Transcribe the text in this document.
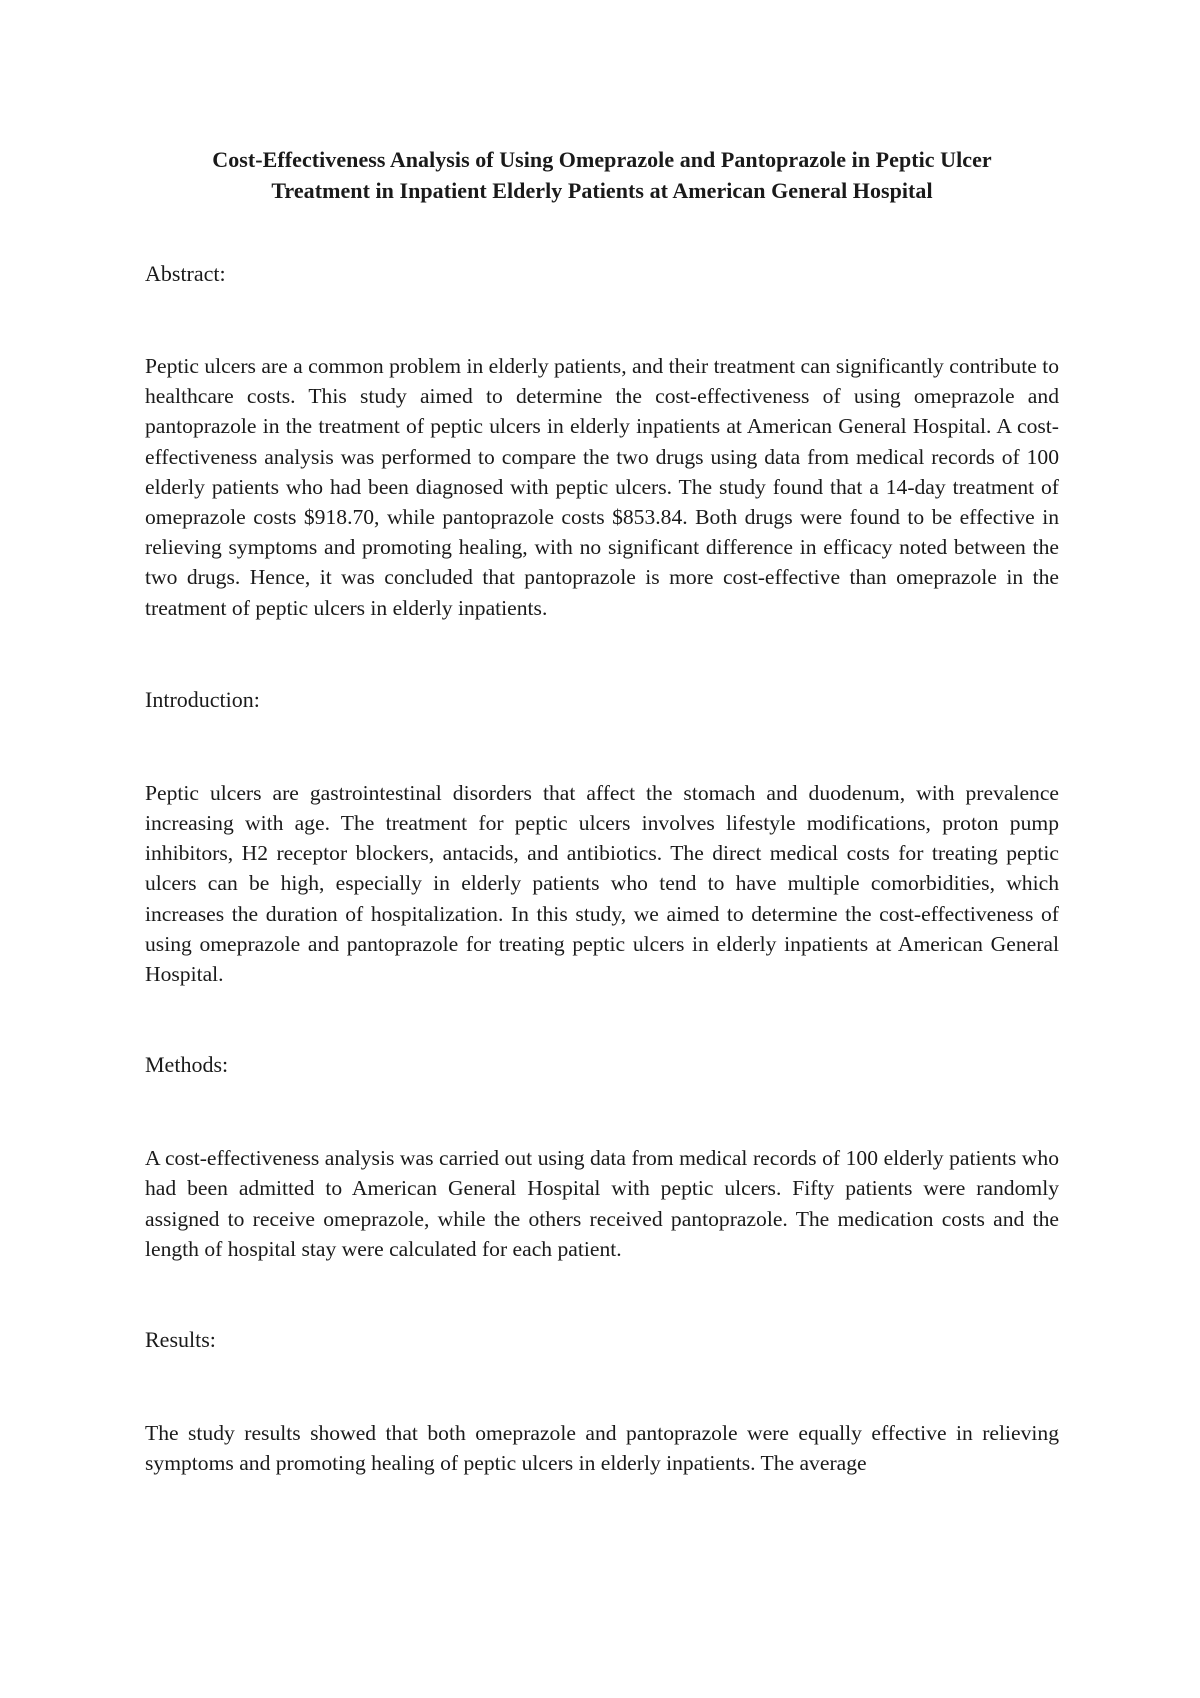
Cost-Effectiveness Analysis of Using Omeprazole and Pantoprazole in Peptic Ulcer
Treatment in Inpatient Elderly Patients at American General Hospital

Abstract:

Peptic ulcers are a common problem in elderly patients, and their treatment can significantly contribute to healthcare costs. This study aimed to determine the cost-effectiveness of using omeprazole and pantoprazole in the treatment of peptic ulcers in elderly inpatients at American General Hospital. A cost-effectiveness analysis was performed to compare the two drugs using data from medical records of 100 elderly patients who had been diagnosed with peptic ulcers. The study found that a 14-day treatment of omeprazole costs $918.70, while pantoprazole costs $853.84. Both drugs were found to be effective in relieving symptoms and promoting healing, with no significant difference in efficacy noted between the two drugs. Hence, it was concluded that pantoprazole is more cost-effective than omeprazole in the treatment of peptic ulcers in elderly inpatients.

Introduction:

Peptic ulcers are gastrointestinal disorders that affect the stomach and duodenum, with prevalence increasing with age. The treatment for peptic ulcers involves lifestyle modifications, proton pump inhibitors, H2 receptor blockers, antacids, and antibiotics. The direct medical costs for treating peptic ulcers can be high, especially in elderly patients who tend to have multiple comorbidities, which increases the duration of hospitalization. In this study, we aimed to determine the cost-effectiveness of using omeprazole and pantoprazole for treating peptic ulcers in elderly inpatients at American General Hospital.

Methods:

A cost-effectiveness analysis was carried out using data from medical records of 100 elderly patients who had been admitted to American General Hospital with peptic ulcers. Fifty patients were randomly assigned to receive omeprazole, while the others received pantoprazole. The medication costs and the length of hospital stay were calculated for each patient.

Results:

The study results showed that both omeprazole and pantoprazole were equally effective in relieving symptoms and promoting healing of peptic ulcers in elderly inpatients. The average
